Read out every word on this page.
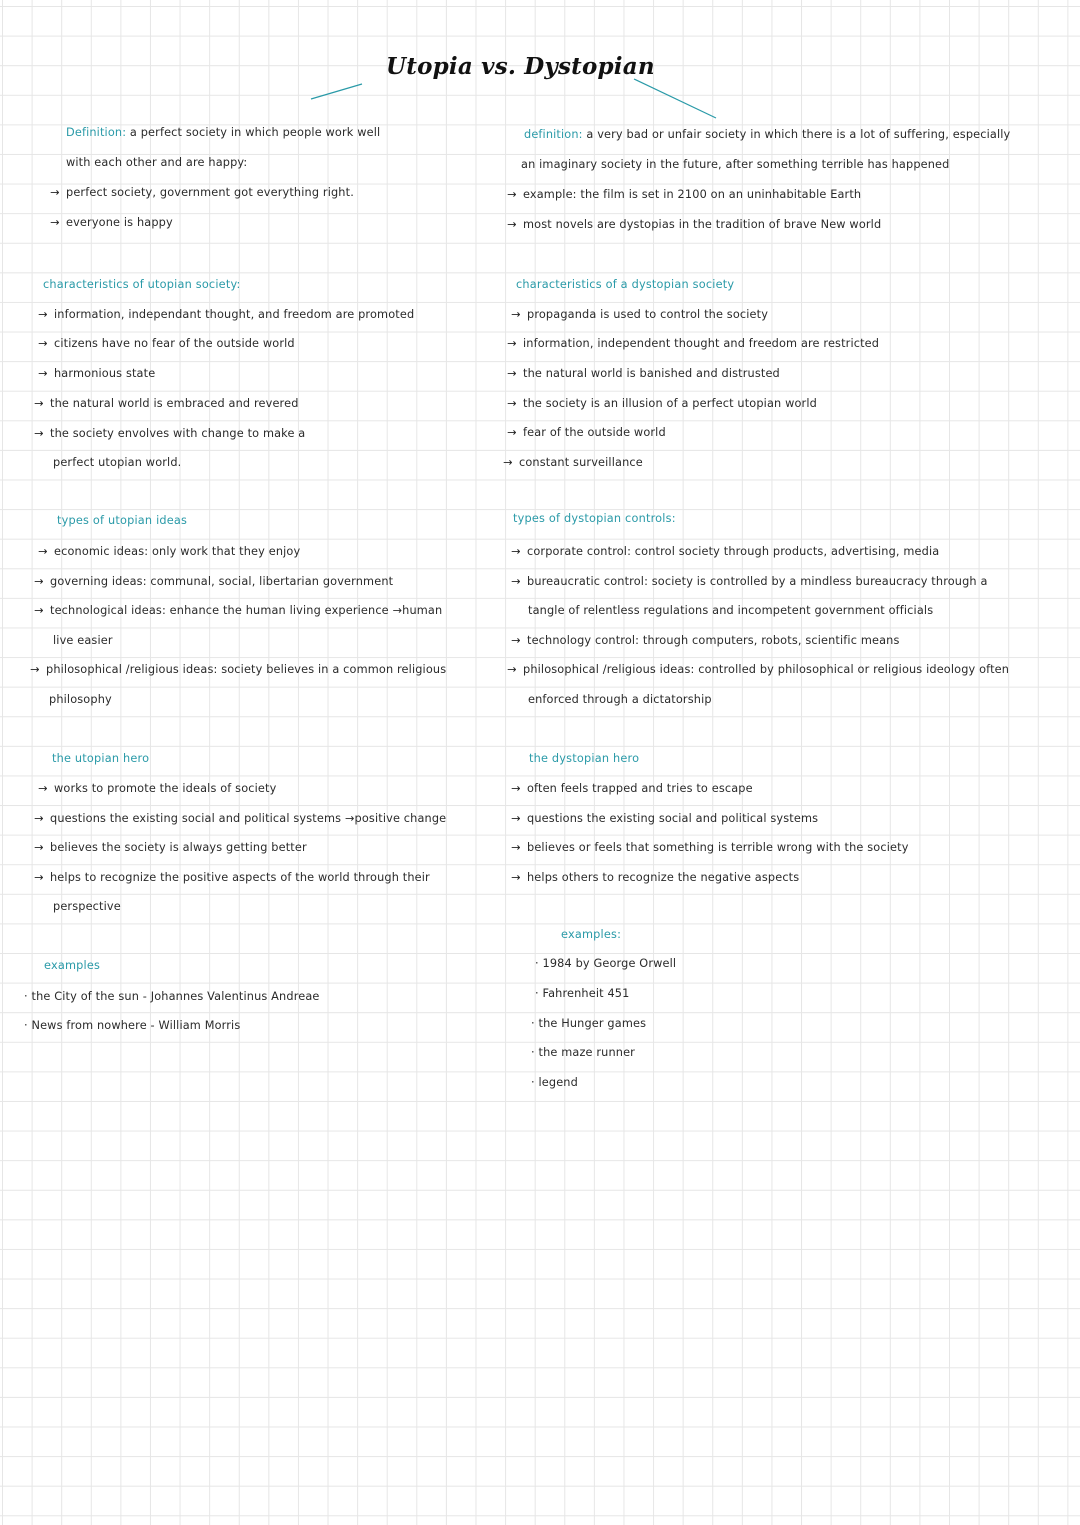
Utopia vs. Dystopian
Definition: a perfect society in which people work well
with each other and are happy:
→ perfect society, government got everything right.
→ everyone is happy
characteristics of utopian society:
→ information, independant thought, and freedom are promoted
→ citizens have no fear of the outside world
→ harmonious state
→ the natural world is embraced and revered
→ the society envolves with change to make a
perfect utopian world.
types of utopian ideas
→ economic ideas: only work that they enjoy
→ governing ideas: communal, social, libertarian government
→ technological ideas: enhance the human living experience →human
live easier
→ philosophical /religious ideas: society believes in a common religious
philosophy
the utopian hero
→ works to promote the ideals of society
→ questions the existing social and political systems →positive change
→ believes the society is always getting better
→ helps to recognize the positive aspects of the world through their
perspective
examples
· the City of the sun - Johannes Valentinus Andreae
· News from nowhere - William Morris
definition: a very bad or unfair society in which there is a lot of suffering, especially
an imaginary society in the future, after something terrible has happened
→ example: the film is set in 2100 on an uninhabitable Earth
→ most novels are dystopias in the tradition of brave New world
characteristics of a dystopian society
→ propaganda is used to control the society
→ information, independent thought and freedom are restricted
→ the natural world is banished and distrusted
→ the society is an illusion of a perfect utopian world
→ fear of the outside world
→ constant surveillance
types of dystopian controls:
→ corporate control: control society through products, advertising, media
→ bureaucratic control: society is controlled by a mindless bureaucracy through a
tangle of relentless regulations and incompetent government officials
→ technology control: through computers, robots, scientific means
→ philosophical /religious ideas: controlled by philosophical or religious ideology often
enforced through a dictatorship
the dystopian hero
→ often feels trapped and tries to escape
→ questions the existing social and political systems
→ believes or feels that something is terrible wrong with the society
→ helps others to recognize the negative aspects
examples:
· 1984 by George Orwell
· Fahrenheit 451
· the Hunger games
· the maze runner
· legend
